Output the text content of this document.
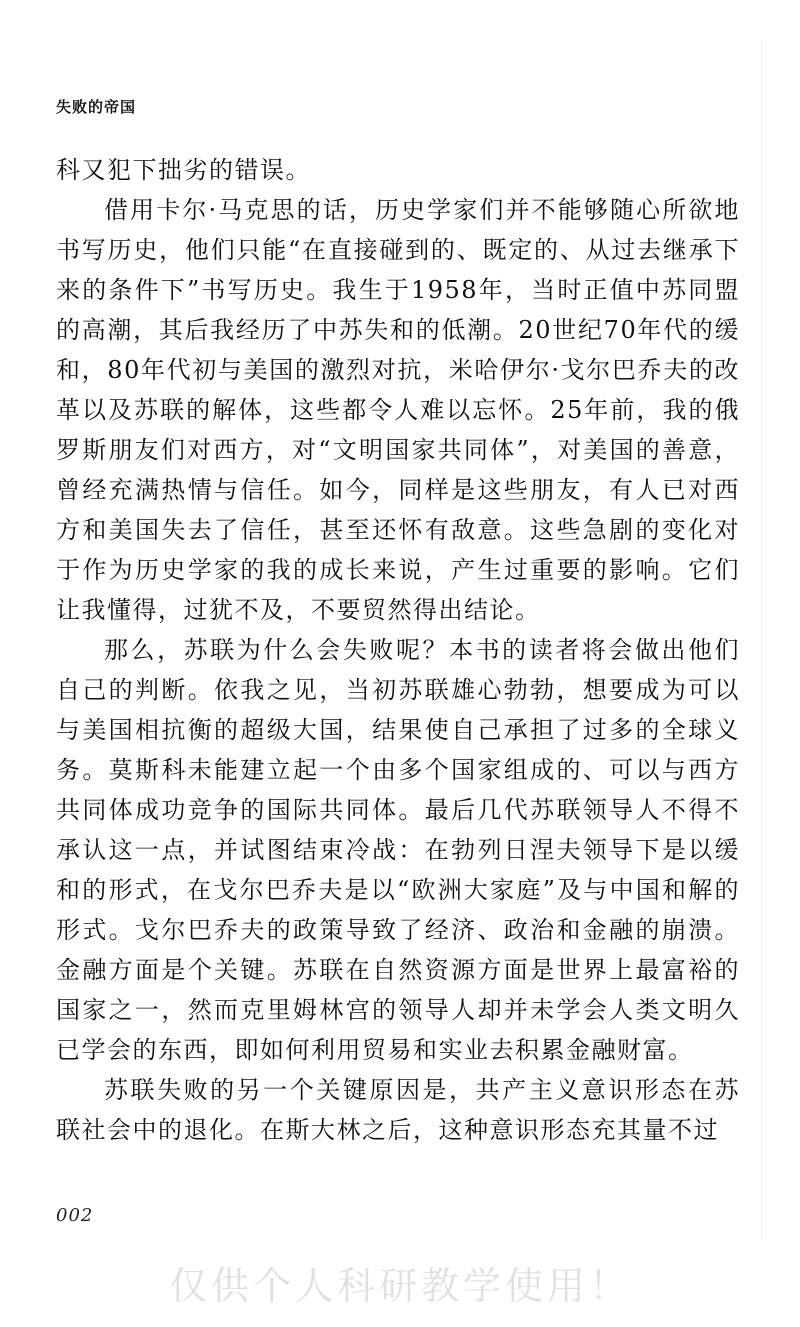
失败的帝国

科又犯下拙劣的错误。

借用卡尔·马克思的话，历史学家们并不能够随心所欲地书写历史，他们只能“在直接碰到的、既定的、从过去继承下来的条件下”书写历史。我生于1958年，当时正值中苏同盟的高潮，其后我经历了中苏失和的低潮。20世纪70年代的缓和，80年代初与美国的激烈对抗，米哈伊尔·戈尔巴乔夫的改革以及苏联的解体，这些都令人难以忘怀。25年前，我的俄罗斯朋友们对西方，对“文明国家共同体”，对美国的善意，曾经充满热情与信任。如今，同样是这些朋友，有人已对西方和美国失去了信任，甚至还怀有敌意。这些急剧的变化对于作为历史学家的我的成长来说，产生过重要的影响。它们让我懂得，过犹不及，不要贸然得出结论。

那么，苏联为什么会失败呢？本书的读者将会做出他们自己的判断。依我之见，当初苏联雄心勃勃，想要成为可以与美国相抗衡的超级大国，结果使自己承担了过多的全球义务。莫斯科未能建立起一个由多个国家组成的、可以与西方共同体成功竞争的国际共同体。最后几代苏联领导人不得不承认这一点，并试图结束冷战：在勃列日涅夫领导下是以缓和的形式，在戈尔巴乔夫是以“欧洲大家庭”及与中国和解的形式。戈尔巴乔夫的政策导致了经济、政治和金融的崩溃。金融方面是个关键。苏联在自然资源方面是世界上最富裕的国家之一，然而克里姆林宫的领导人却并未学会人类文明久已学会的东西，即如何利用贸易和实业去积累金融财富。

苏联失败的另一个关键原因是，共产主义意识形态在苏联社会中的退化。在斯大林之后，这种意识形态充其量不过

002
仅供个人科研教学使用！
